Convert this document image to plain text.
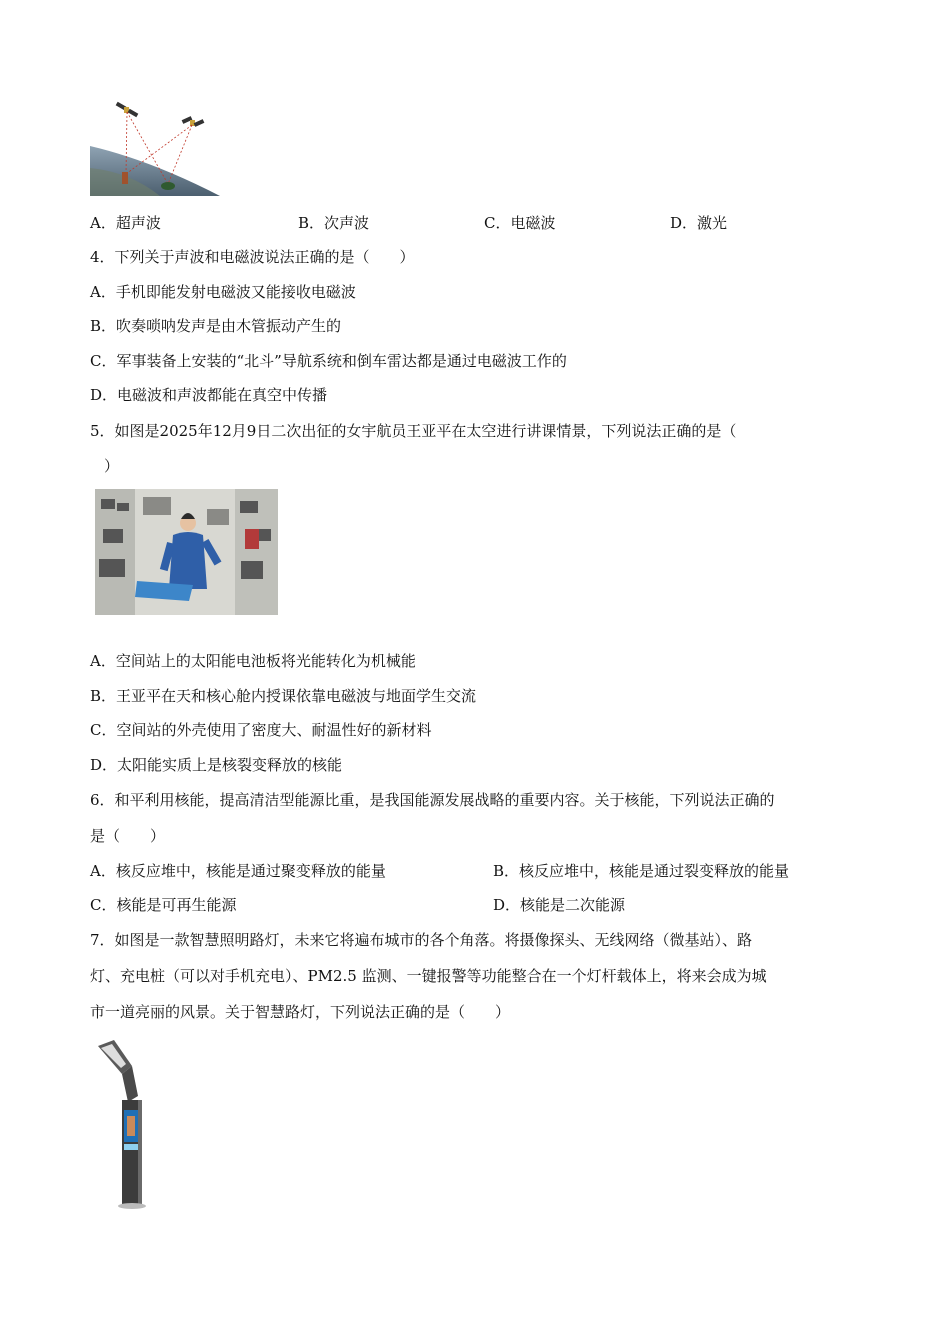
A．超声波	B．次声波	C．电磁波	D．激光
4．下列关于声波和电磁波说法正确的是（　　）
A．手机即能发射电磁波又能接收电磁波
B．吹奏唢呐发声是由木管振动产生的
C．军事装备上安装的“北斗”导航系统和倒车雷达都是通过电磁波工作的
D．电磁波和声波都能在真空中传播
5．如图是2025年12月9日二次出征的女宇航员王亚平在太空进行讲课情景，下列说法正确的是（
）
A．空间站上的太阳能电池板将光能转化为机械能
B．王亚平在天和核心舱内授课依靠电磁波与地面学生交流
C．空间站的外壳使用了密度大、耐温性好的新材料
D．太阳能实质上是核裂变释放的核能
6．和平利用核能，提高清洁型能源比重，是我国能源发展战略的重要内容。关于核能，下列说法正确的
是（　　）
A．核反应堆中，核能是通过聚变释放的能量	B．核反应堆中，核能是通过裂变释放的能量
C．核能是可再生能源	D．核能是二次能源
7．如图是一款智慧照明路灯，未来它将遍布城市的各个角落。将摄像探头、无线网络（微基站）、路
灯、充电桩（可以对手机充电）、PM2.5 监测、一键报警等功能整合在一个灯杆载体上，将来会成为城
市一道亮丽的风景。关于智慧路灯，下列说法正确的是（　　）
